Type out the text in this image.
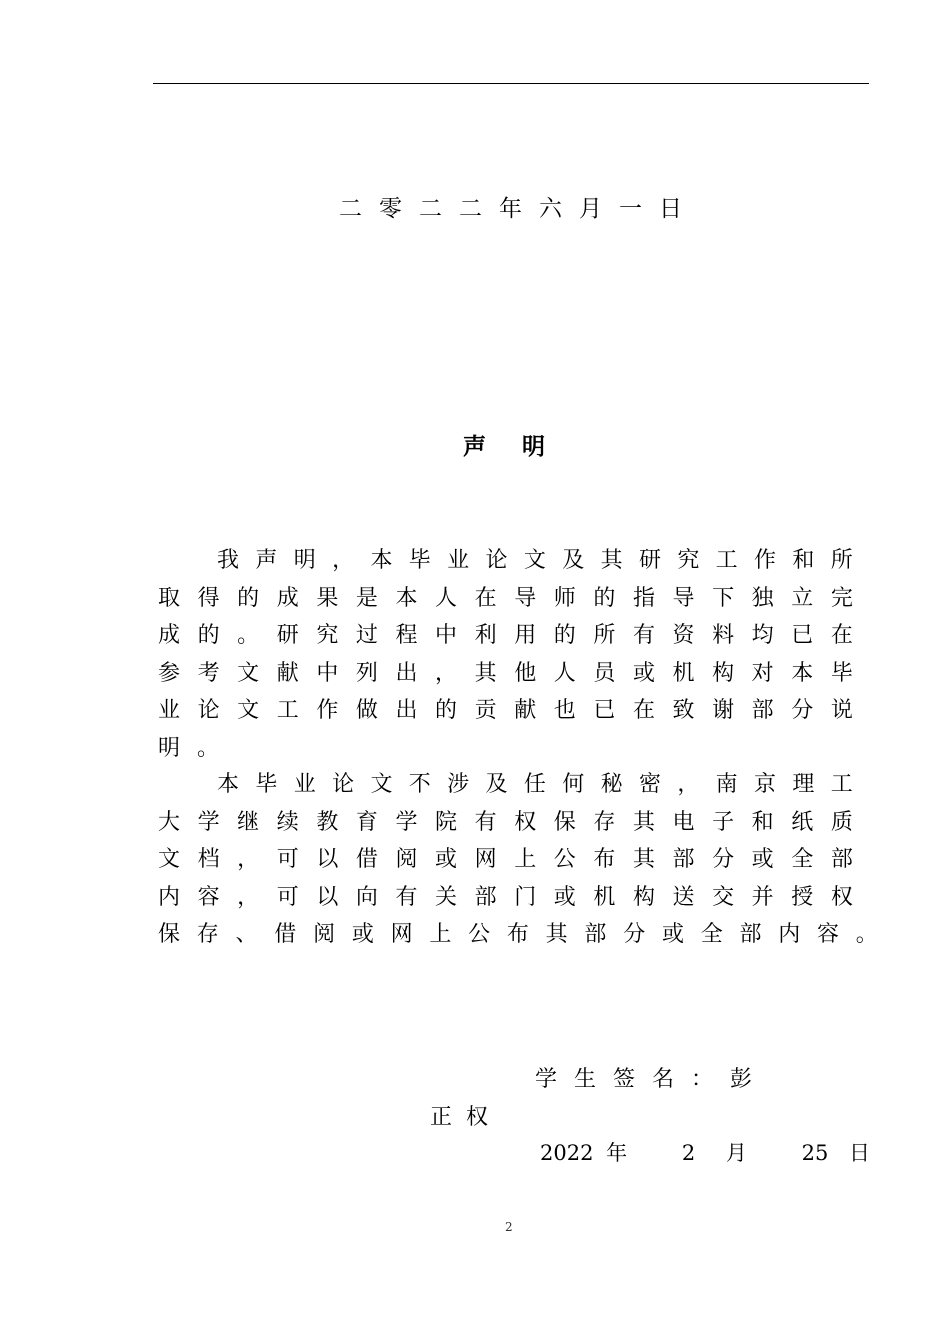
二零二二年六月一日
声明
我 声 明 ， 本 毕 业 论 文 及 其 研 究 工 作 和 所
取 得 的 成 果 是 本 人 在 导 师 的 指 导 下 独 立 完
成 的 。 研 究 过 程 中 利 用 的 所 有 资 料 均 已 在
参 考 文 献 中 列 出 ， 其 他 人 员 或 机 构 对 本 毕
业 论 文 工 作 做 出 的 贡 献 也 已 在 致 谢 部 分 说
明 。
本 毕 业 论 文 不 涉 及 任 何 秘 密 ， 南 京 理 工
大 学 继 续 教 育 学 院 有 权 保 存 其 电 子 和 纸 质
文 档 ， 可 以 借 阅 或 网 上 公 布 其 部 分 或 全 部
内 容 ， 可 以 向 有 关 部 门 或 机 构 送 交 并 授 权
保 存 、 借 阅 或 网 上 公 布 其 部 分 或 全 部 内 容 。
学生签名：彭
正权
2022 年	2 月	25 日
2
